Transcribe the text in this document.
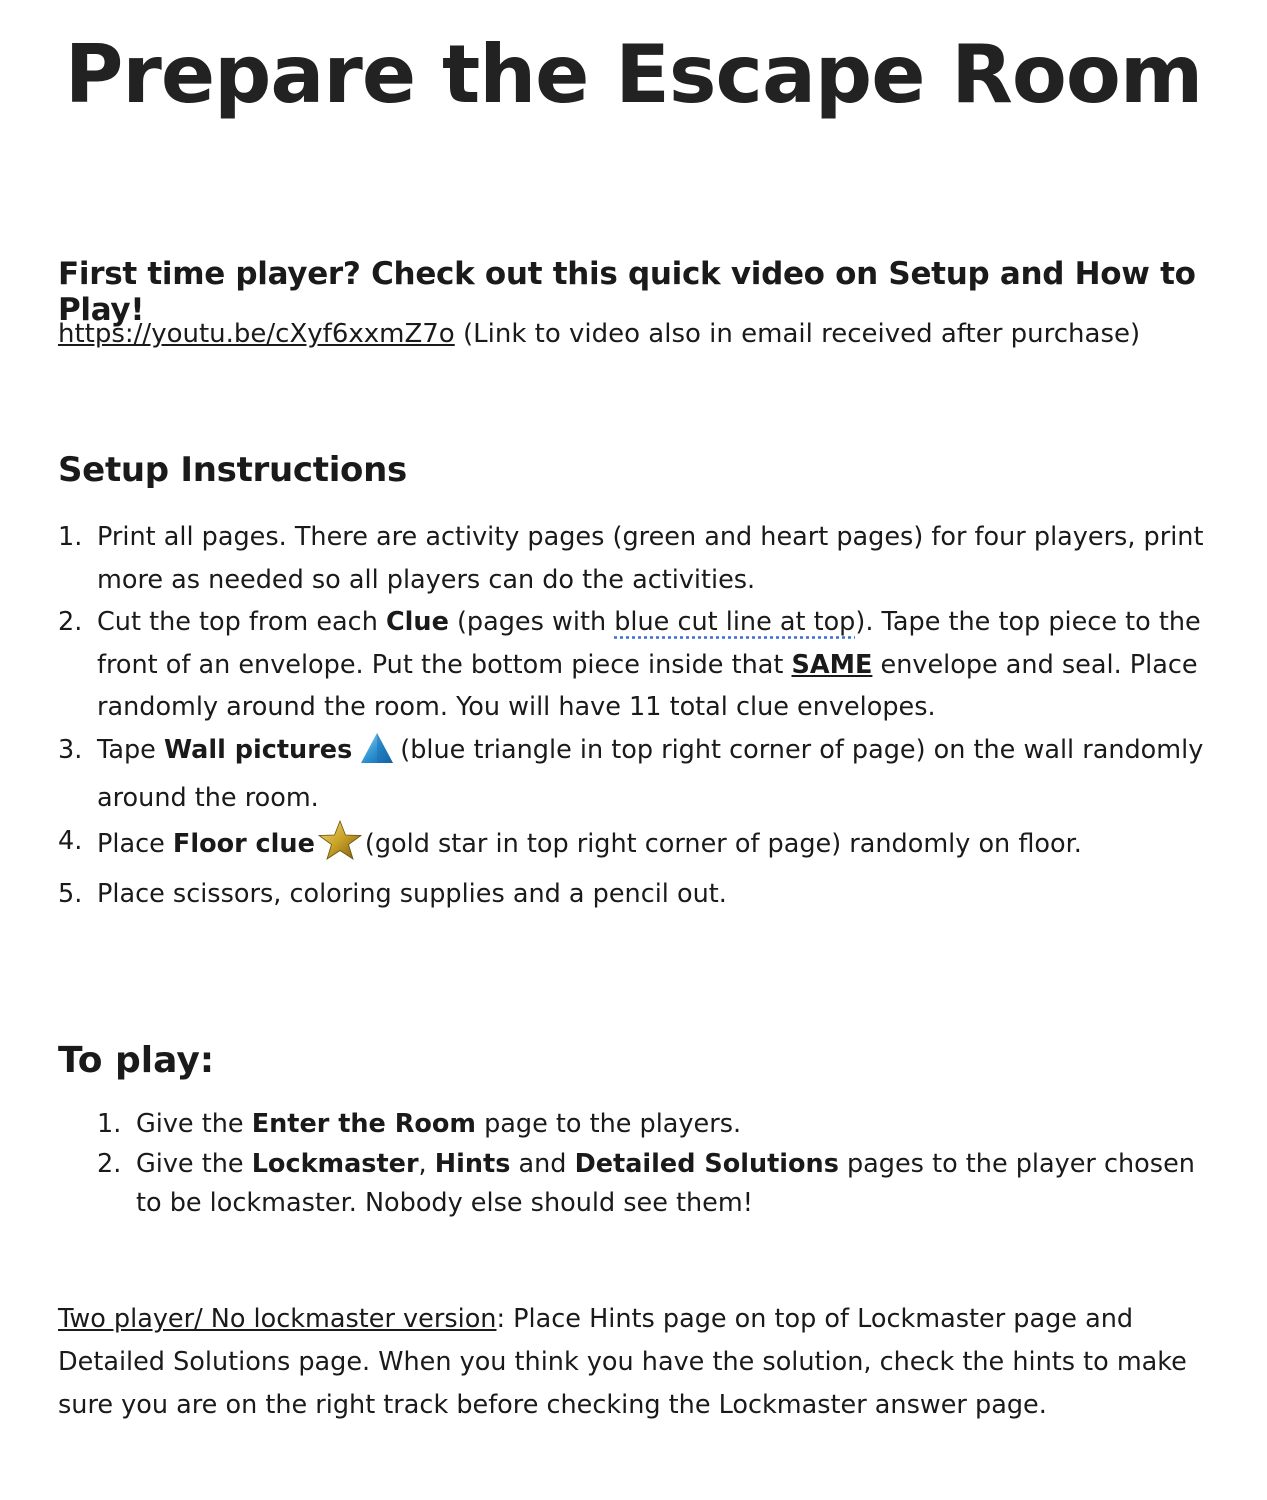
Prepare the Escape Room
First time player? Check out this quick video on Setup and How to Play!

https://youtu.be/cXyf6xxmZ7o (Link to video also in email received after purchase)

Setup Instructions
1. Print all pages. There are activity pages (green and heart pages) for four players, print more as needed so all players can do the activities.
2. Cut the top from each Clue (pages with blue cut line at top). Tape the top piece to the front of an envelope. Put the bottom piece inside that SAME envelope and seal. Place randomly around the room. You will have 11 total clue envelopes.
3. Tape Wall pictures (blue triangle in top right corner of page) on the wall randomly around the room.
4. Place Floor clue (gold star in top right corner of page) randomly on floor.
5. Place scissors, coloring supplies and a pencil out.
To play:
1. Give the Enter the Room page to the players.
2. Give the Lockmaster, Hints and Detailed Solutions pages to the player chosen to be lockmaster. Nobody else should see them!

Two player/ No lockmaster version: Place Hints page on top of Lockmaster page and Detailed Solutions page. When you think you have the solution, check the hints to make sure you are on the right track before checking the Lockmaster answer page.
